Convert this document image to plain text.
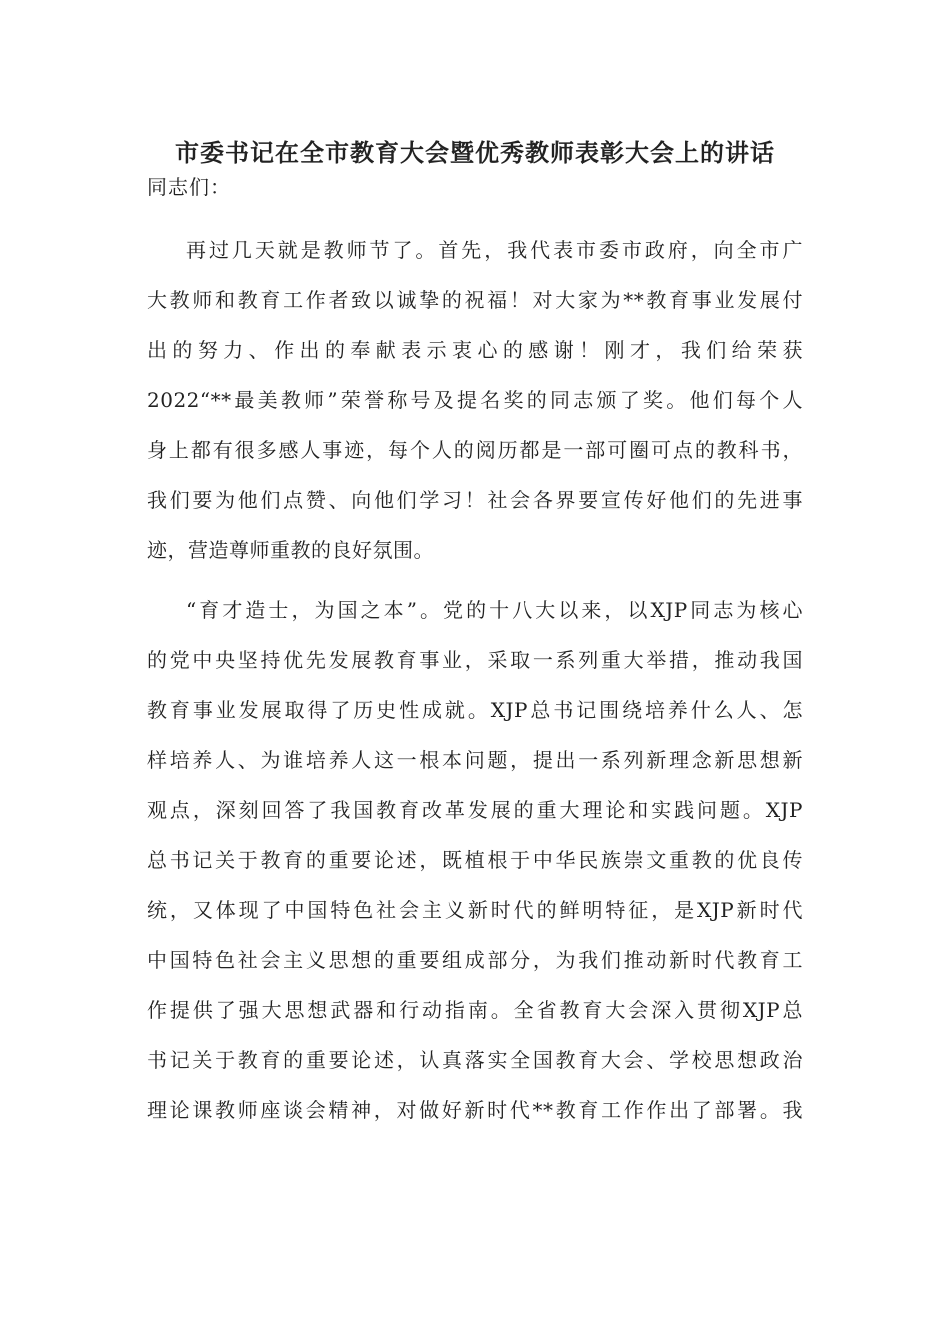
市委书记在全市教育大会暨优秀教师表彰大会上的讲话
同志们：
再过几天就是教师节了。首先，我代表市委市政府，向全市广
大教师和教育工作者致以诚挚的祝福！对大家为**教育事业发展付
出的努力、作出的奉献表示衷心的感谢！刚才，我们给荣获
2022“**最美教师”荣誉称号及提名奖的同志颁了奖。他们每个人
身上都有很多感人事迹，每个人的阅历都是一部可圈可点的教科书，
我们要为他们点赞、向他们学习！社会各界要宣传好他们的先进事
迹，营造尊师重教的良好氛围。
“育才造士，为国之本”。党的十八大以来，以XJP同志为核心
的党中央坚持优先发展教育事业，采取一系列重大举措，推动我国
教育事业发展取得了历史性成就。XJP总书记围绕培养什么人、怎
样培养人、为谁培养人这一根本问题，提出一系列新理念新思想新
观点，深刻回答了我国教育改革发展的重大理论和实践问题。XJP
总书记关于教育的重要论述，既植根于中华民族崇文重教的优良传
统，又体现了中国特色社会主义新时代的鲜明特征，是XJP新时代
中国特色社会主义思想的重要组成部分，为我们推动新时代教育工
作提供了强大思想武器和行动指南。全省教育大会深入贯彻XJP总
书记关于教育的重要论述，认真落实全国教育大会、学校思想政治
理论课教师座谈会精神，对做好新时代**教育工作作出了部署。我
